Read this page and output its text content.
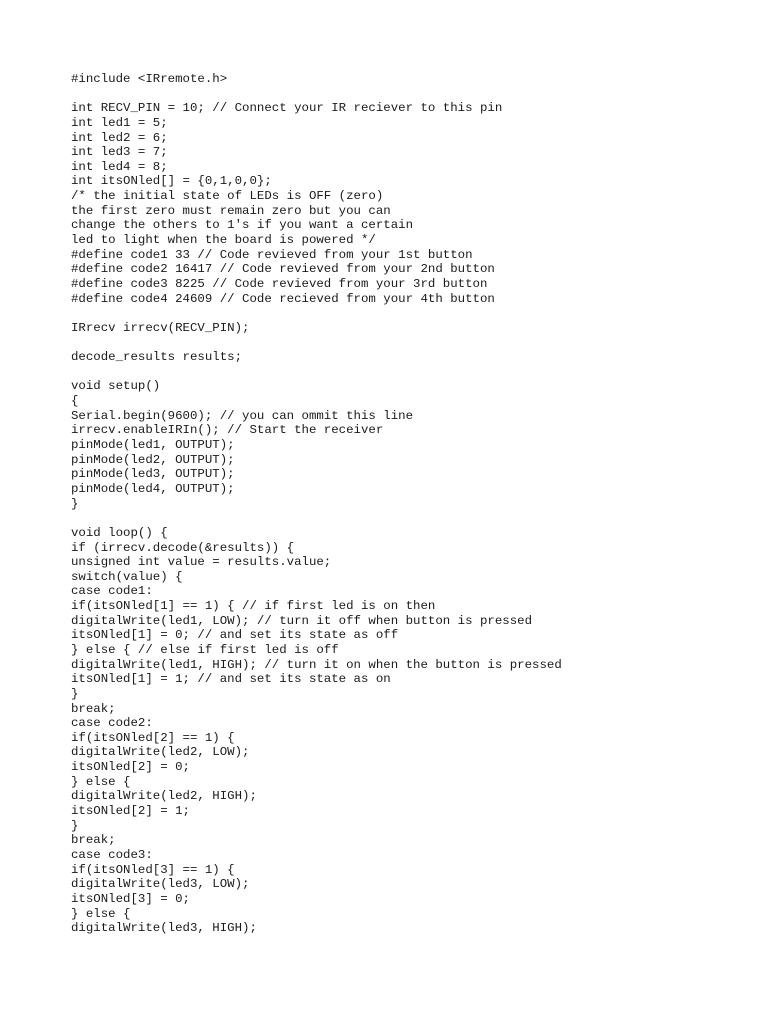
#include <IRremote.h>
int RECV_PIN = 10; // Connect your IR reciever to this pin
int led1 = 5;
int led2 = 6;
int led3 = 7;
int led4 = 8;
int itsONled[] = {0,1,0,0};
/* the initial state of LEDs is OFF (zero)
the first zero must remain zero but you can
change the others to 1's if you want a certain
led to light when the board is powered */
#define code1 33 // Code revieved from your 1st button
#define code2 16417 // Code revieved from your 2nd button
#define code3 8225 // Code revieved from your 3rd button
#define code4 24609 // Code recieved from your 4th button
IRrecv irrecv(RECV_PIN);
decode_results results;
void setup()
{
Serial.begin(9600); // you can ommit this line
irrecv.enableIRIn(); // Start the receiver
pinMode(led1, OUTPUT);
pinMode(led2, OUTPUT);
pinMode(led3, OUTPUT);
pinMode(led4, OUTPUT);
}
void loop() {
if (irrecv.decode(&results)) {
unsigned int value = results.value;
switch(value) {
case code1:
if(itsONled[1] == 1) { // if first led is on then
digitalWrite(led1, LOW); // turn it off when button is pressed
itsONled[1] = 0; // and set its state as off
} else { // else if first led is off
digitalWrite(led1, HIGH); // turn it on when the button is pressed
itsONled[1] = 1; // and set its state as on
}
break;
case code2:
if(itsONled[2] == 1) {
digitalWrite(led2, LOW);
itsONled[2] = 0;
} else {
digitalWrite(led2, HIGH);
itsONled[2] = 1;
}
break;
case code3:
if(itsONled[3] == 1) {
digitalWrite(led3, LOW);
itsONled[3] = 0;
} else {
digitalWrite(led3, HIGH);
